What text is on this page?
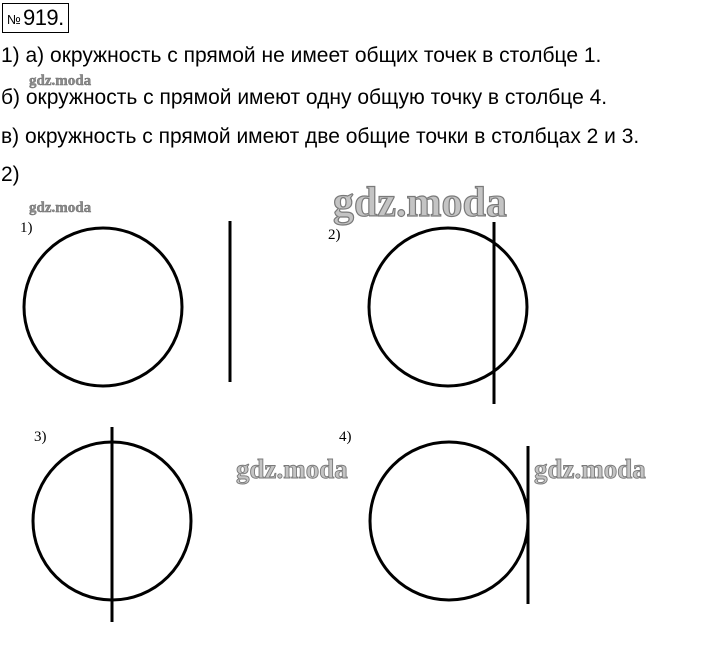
№ 919.
1) а) окружность с прямой не имеет общих точек в столбце 1.
б) окружность с прямой имеют одну общую точку в столбце 4.
в) окружность с прямой имеют две общие точки в столбцах 2 и 3.
2)
gdz.moda
gdz.moda	gdz.moda
gdz.moda	gdz.moda
1)	2)
3)	4)
